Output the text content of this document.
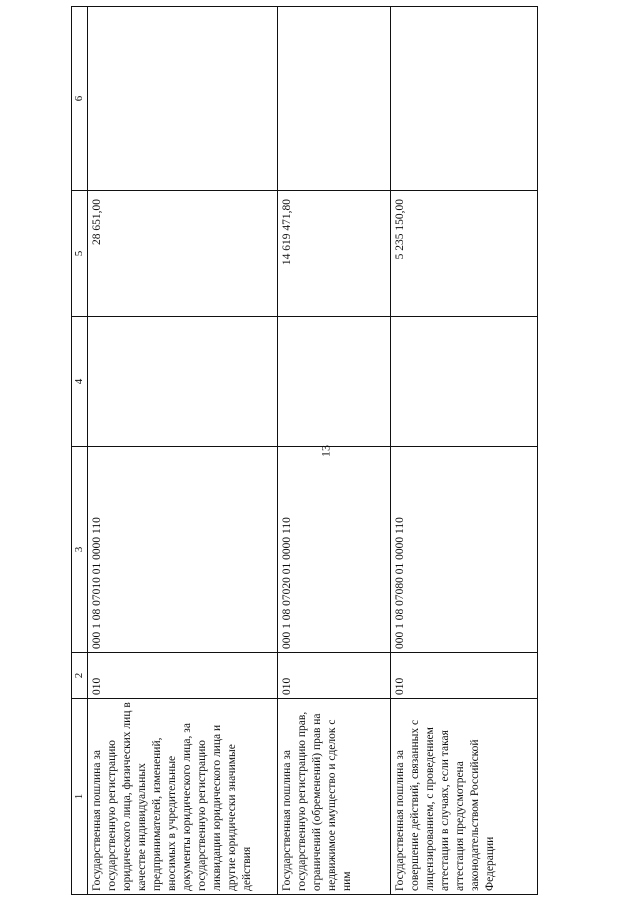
13
1	2	3	4	5	6
Государственная пошлина за государственную регистрацию юридического лица, физических лиц в качестве индивидуальных предпринимателей, изменений, вносимых в учредительные документы юридического лица, за государственную регистрацию ликвидации юридического лица и другие юридически значимые действия	010	000 1 08 07010 01 0000 110		28 651,00	
Государственная пошлина за государственную регистрацию прав, ограничений (обременений) прав на недвижимое имущество и сделок с ним	010	000 1 08 07020 01 0000 110		14 619 471,80	
Государственная пошлина за совершение действий, связанных с лицензированием, с проведением аттестации в случаях, если такая аттестация предусмотрена законодательством Российской Федерации	010	000 1 08 07080 01 0000 110		5 235 150,00	
